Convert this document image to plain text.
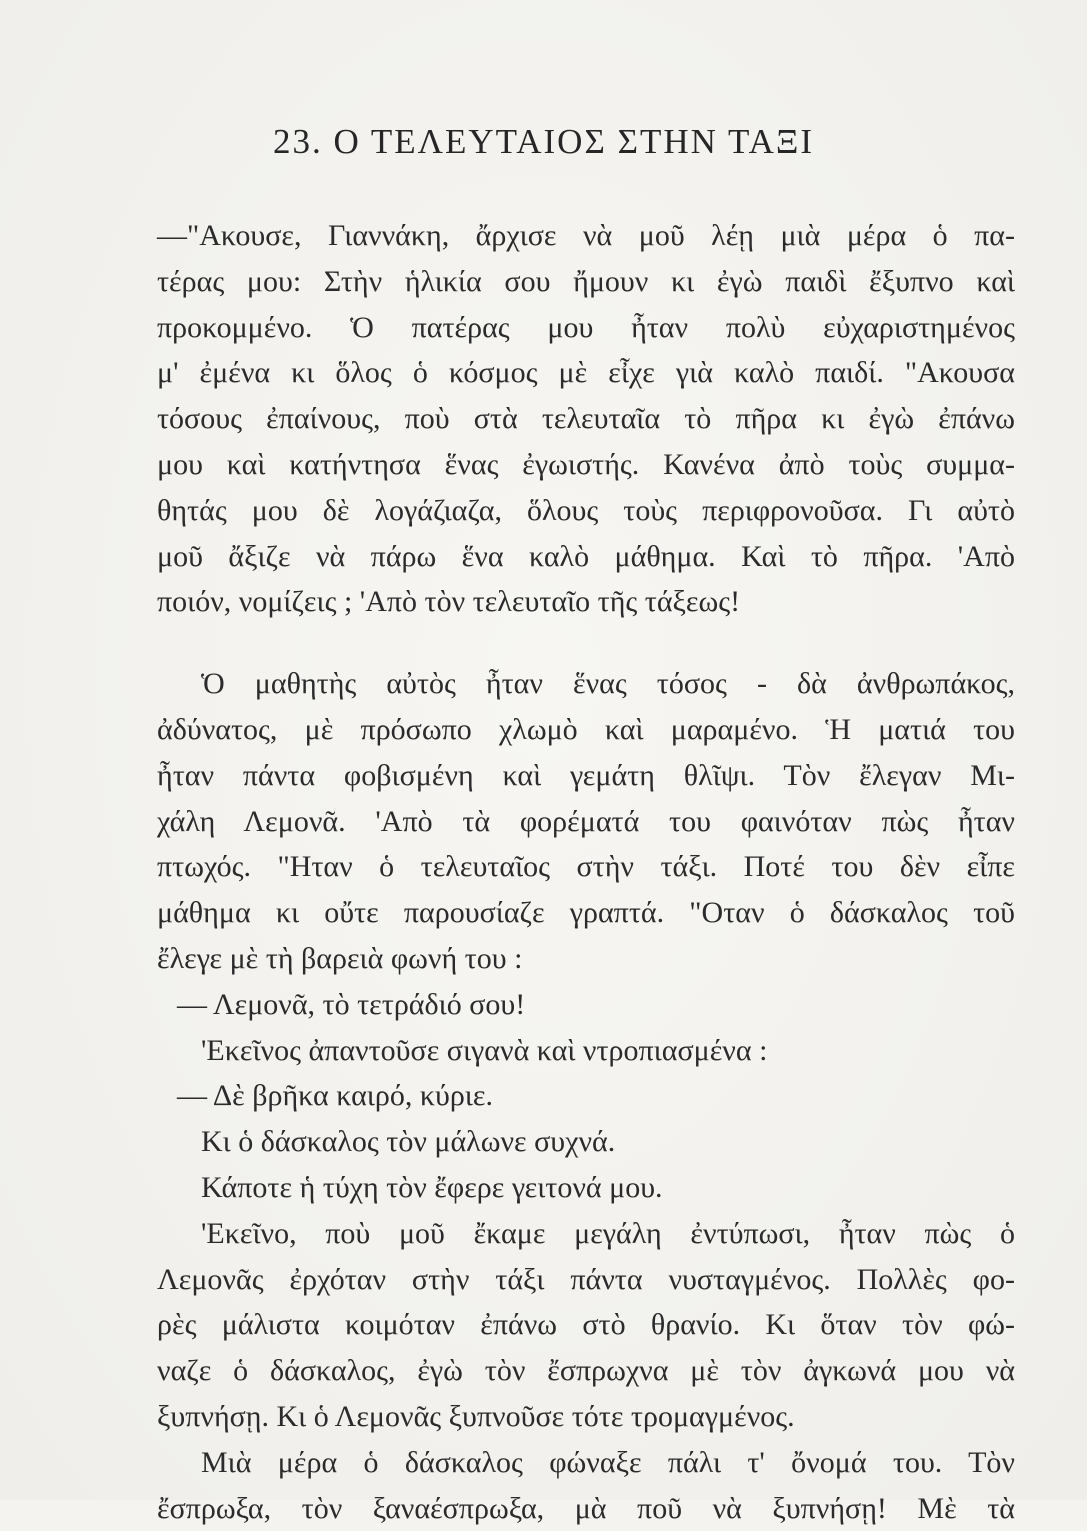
23. Ο ΤΕΛΕΥΤΑΙΟΣ ΣΤΗΝ ΤΑΞΙ
—"Ακουσε, Γιαννάκη, ἄρχισε νὰ μοῦ λέῃ μιὰ μέρα ὁ πα-
τέρας μου: Στὴν ἡλικία σου ἤμουν κι ἐγὼ παιδὶ ἔξυπνο καὶ
προκομμένο. Ὁ πατέρας μου ἦταν πολὺ εὐχαριστημένος
μ' ἐμένα κι ὅλος ὁ κόσμος μὲ εἶχε γιὰ καλὸ παιδί. "Ακουσα
τόσους ἐπαίνους, ποὺ στὰ τελευταῖα τὸ πῆρα κι ἐγὼ ἐπάνω
μου καὶ κατήντησα ἕνας ἐγωιστής. Κανένα ἀπὸ τοὺς συμμα-
θητάς μου δὲ λογάζιαζα, ὅλους τοὺς περιφρονοῦσα. Γι αὐτὸ
μοῦ ἄξιζε νὰ πάρω ἕνα καλὸ μάθημα. Καὶ τὸ πῆρα. 'Απὸ
ποιόν, νομίζεις ; 'Απὸ τὸν τελευταῖο τῆς τάξεως!
Ὁ μαθητὴς αὐτὸς ἦταν ἕνας τόσος - δὰ ἀνθρωπάκος,
ἀδύνατος, μὲ πρόσωπο χλωμὸ καὶ μαραμένο. Ἡ ματιά του
ἦταν πάντα φοβισμένη καὶ γεμάτη θλῖψι. Τὸν ἔλεγαν Μι-
χάλη Λεμονᾶ. 'Απὸ τὰ φορέματά του φαινόταν πὼς ἦταν
πτωχός. "Ηταν ὁ τελευταῖος στὴν τάξι. Ποτέ του δὲν εἶπε
μάθημα κι οὔτε παρουσίαζε γραπτά. "Οταν ὁ δάσκαλος τοῦ
ἔλεγε μὲ τὴ βαρειὰ φωνή του :
— Λεμονᾶ, τὸ τετράδιό σου!
'Εκεῖνος ἀπαντοῦσε σιγανὰ καὶ ντροπιασμένα :
— Δὲ βρῆκα καιρό, κύριε.
Κι ὁ δάσκαλος τὸν μάλωνε συχνά.
Κάποτε ἡ τύχη τὸν ἔφερε γειτονά μου.
'Εκεῖνο, ποὺ μοῦ ἔκαμε μεγάλη ἐντύπωσι, ἦταν πὼς ὁ
Λεμονᾶς ἐρχόταν στὴν τάξι πάντα νυσταγμένος. Πολλὲς φο-
ρὲς μάλιστα κοιμόταν ἐπάνω στὸ θρανίο. Κι ὅταν τὸν φώ-
ναζε ὁ δάσκαλος, ἐγὼ τὸν ἔσπρωχνα μὲ τὸν ἀγκωνά μου νὰ
ξυπνήσῃ. Κι ὁ Λεμονᾶς ξυπνοῦσε τότε τρομαγμένος.
Μιὰ μέρα ὁ δάσκαλος φώναξε πάλι τ' ὄνομά του. Τὸν
ἔσπρωξα, τὸν ξαναέσπρωξα, μὰ ποῦ νὰ ξυπνήσῃ! Μὲ τὰ
